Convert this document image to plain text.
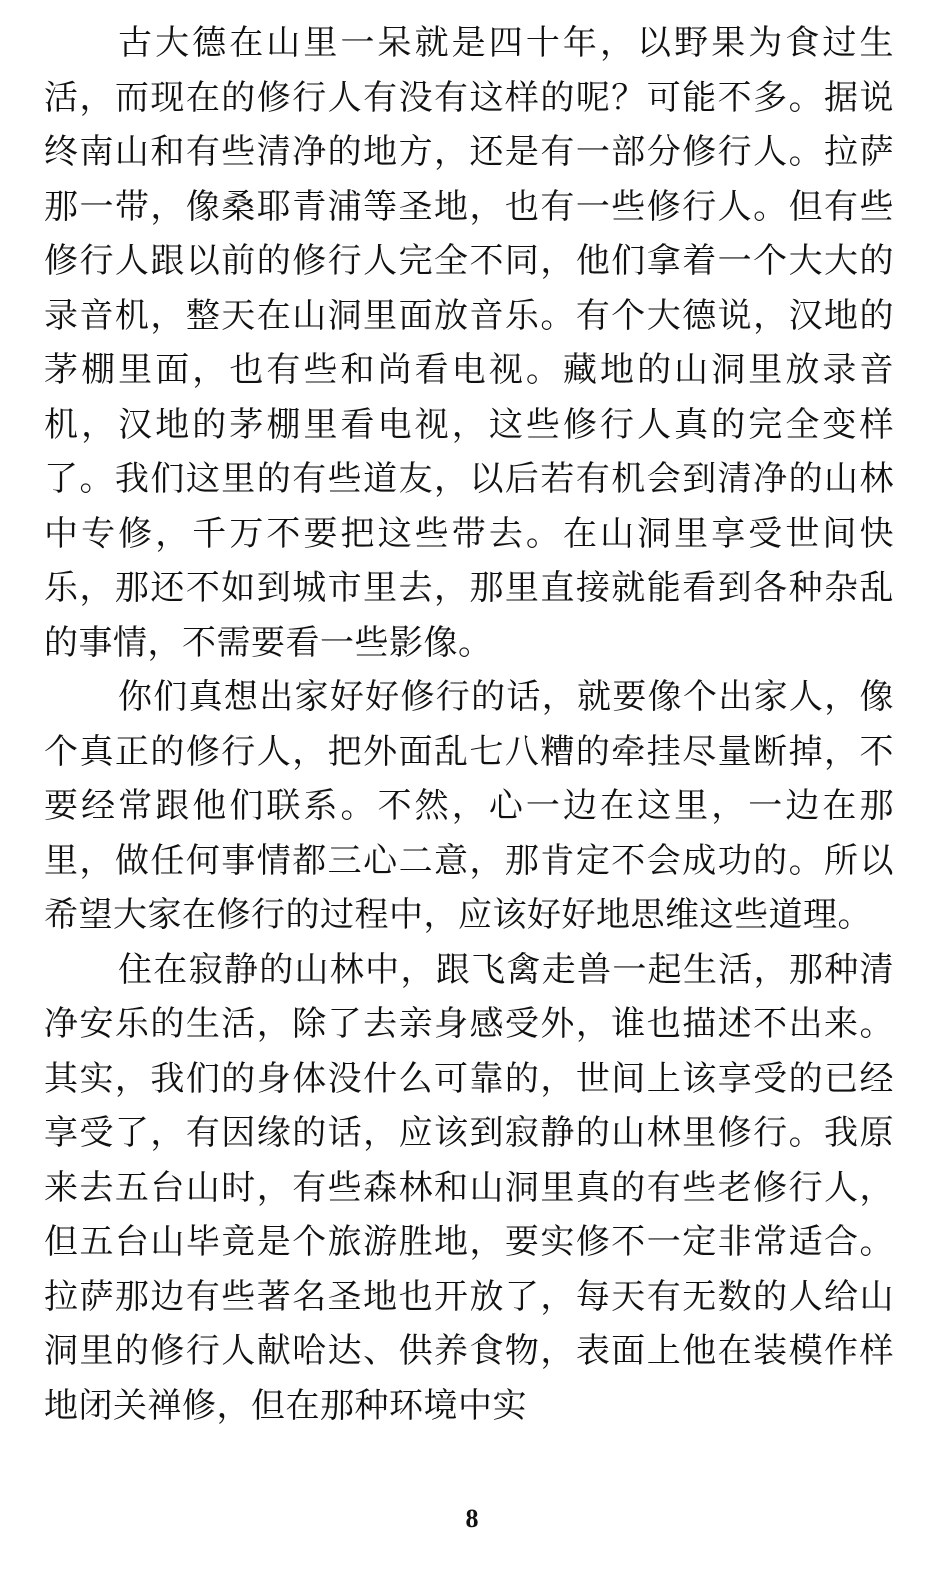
古大德在山里一呆就是四十年，以野果为食过生活，而现在的修行人有没有这样的呢？可能不多。据说终南山和有些清净的地方，还是有一部分修行人。拉萨那一带，像桑耶青浦等圣地，也有一些修行人。但有些修行人跟以前的修行人完全不同，他们拿着一个大大的录音机，整天在山洞里面放音乐。有个大德说，汉地的茅棚里面，也有些和尚看电视。藏地的山洞里放录音机，汉地的茅棚里看电视，这些修行人真的完全变样了。我们这里的有些道友，以后若有机会到清净的山林中专修，千万不要把这些带去。在山洞里享受世间快乐，那还不如到城市里去，那里直接就能看到各种杂乱的事情，不需要看一些影像。

你们真想出家好好修行的话，就要像个出家人，像个真正的修行人，把外面乱七八糟的牵挂尽量断掉，不要经常跟他们联系。不然，心一边在这里，一边在那里，做任何事情都三心二意，那肯定不会成功的。所以希望大家在修行的过程中，应该好好地思维这些道理。

住在寂静的山林中，跟飞禽走兽一起生活，那种清净安乐的生活，除了去亲身感受外，谁也描述不出来。其实，我们的身体没什么可靠的，世间上该享受的已经享受了，有因缘的话，应该到寂静的山林里修行。我原来去五台山时，有些森林和山洞里真的有些老修行人，但五台山毕竟是个旅游胜地，要实修不一定非常适合。拉萨那边有些著名圣地也开放了，每天有无数的人给山洞里的修行人献哈达、供养食物，表面上他在装模作样地闭关禅修，但在那种环境中实

8
